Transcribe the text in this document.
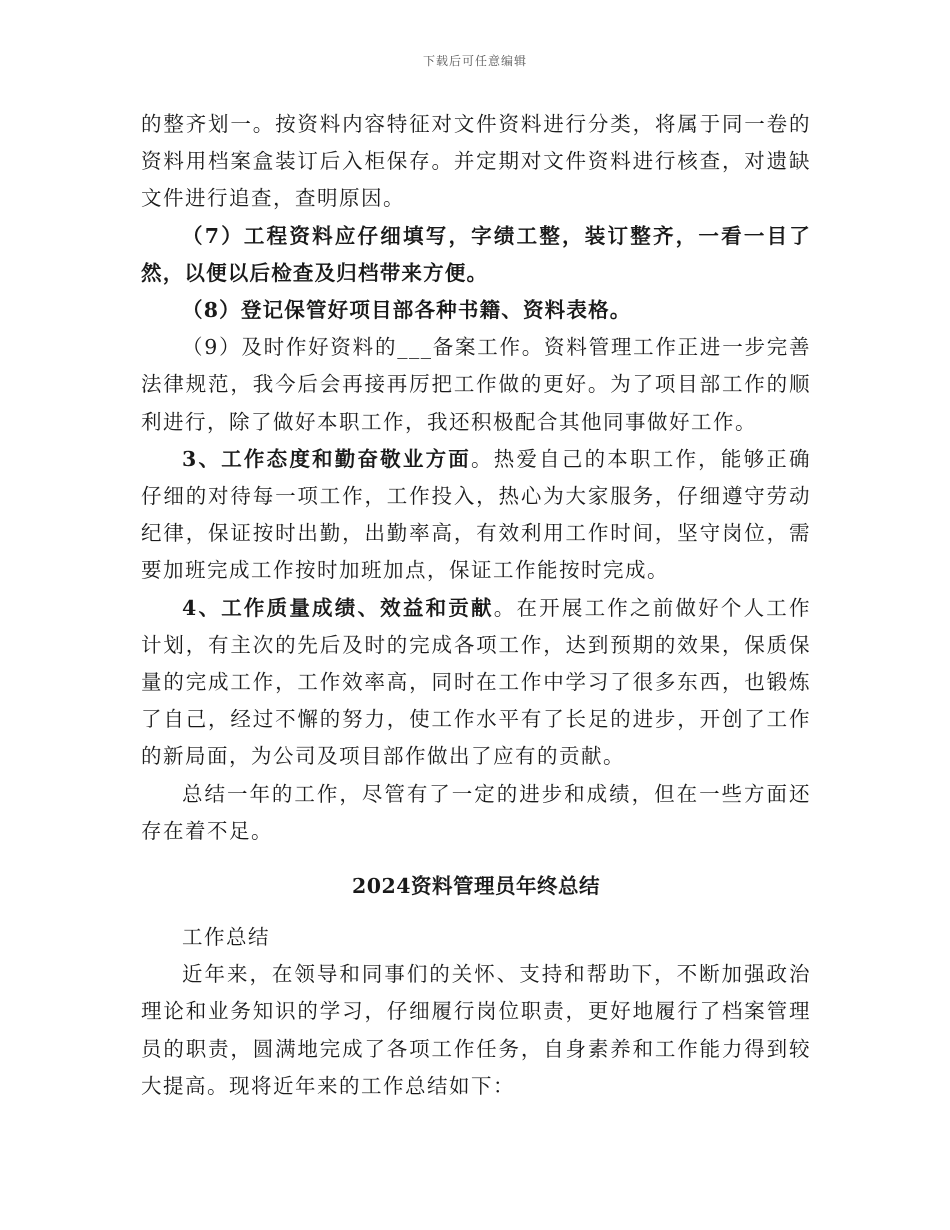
下载后可任意编辑

的整齐划一。按资料内容特征对文件资料进行分类，将属于同一卷的资料用档案盒装订后入柜保存。并定期对文件资料进行核查，对遗缺文件进行追查，查明原因。

（7）工程资料应仔细填写，字绩工整，装订整齐，一看一目了然，以便以后检查及归档带来方便。

（8）登记保管好项目部各种书籍、资料表格。

（9）及时作好资料的___备案工作。资料管理工作正进一步完善法律规范，我今后会再接再厉把工作做的更好。为了项目部工作的顺利进行，除了做好本职工作，我还积极配合其他同事做好工作。

3、工作态度和勤奋敬业方面。热爱自己的本职工作，能够正确仔细的对待每一项工作，工作投入，热心为大家服务，仔细遵守劳动纪律，保证按时出勤，出勤率高，有效利用工作时间，坚守岗位，需要加班完成工作按时加班加点，保证工作能按时完成。

4、工作质量成绩、效益和贡献。在开展工作之前做好个人工作计划，有主次的先后及时的完成各项工作，达到预期的效果，保质保量的完成工作，工作效率高，同时在工作中学习了很多东西，也锻炼了自己，经过不懈的努力，使工作水平有了长足的进步，开创了工作的新局面，为公司及项目部作做出了应有的贡献。

总结一年的工作，尽管有了一定的进步和成绩，但在一些方面还存在着不足。

2024资料管理员年终总结

工作总结

近年来，在领导和同事们的关怀、支持和帮助下，不断加强政治理论和业务知识的学习，仔细履行岗位职责，更好地履行了档案管理员的职责，圆满地完成了各项工作任务，自身素养和工作能力得到较大提高。现将近年来的工作总结如下：
